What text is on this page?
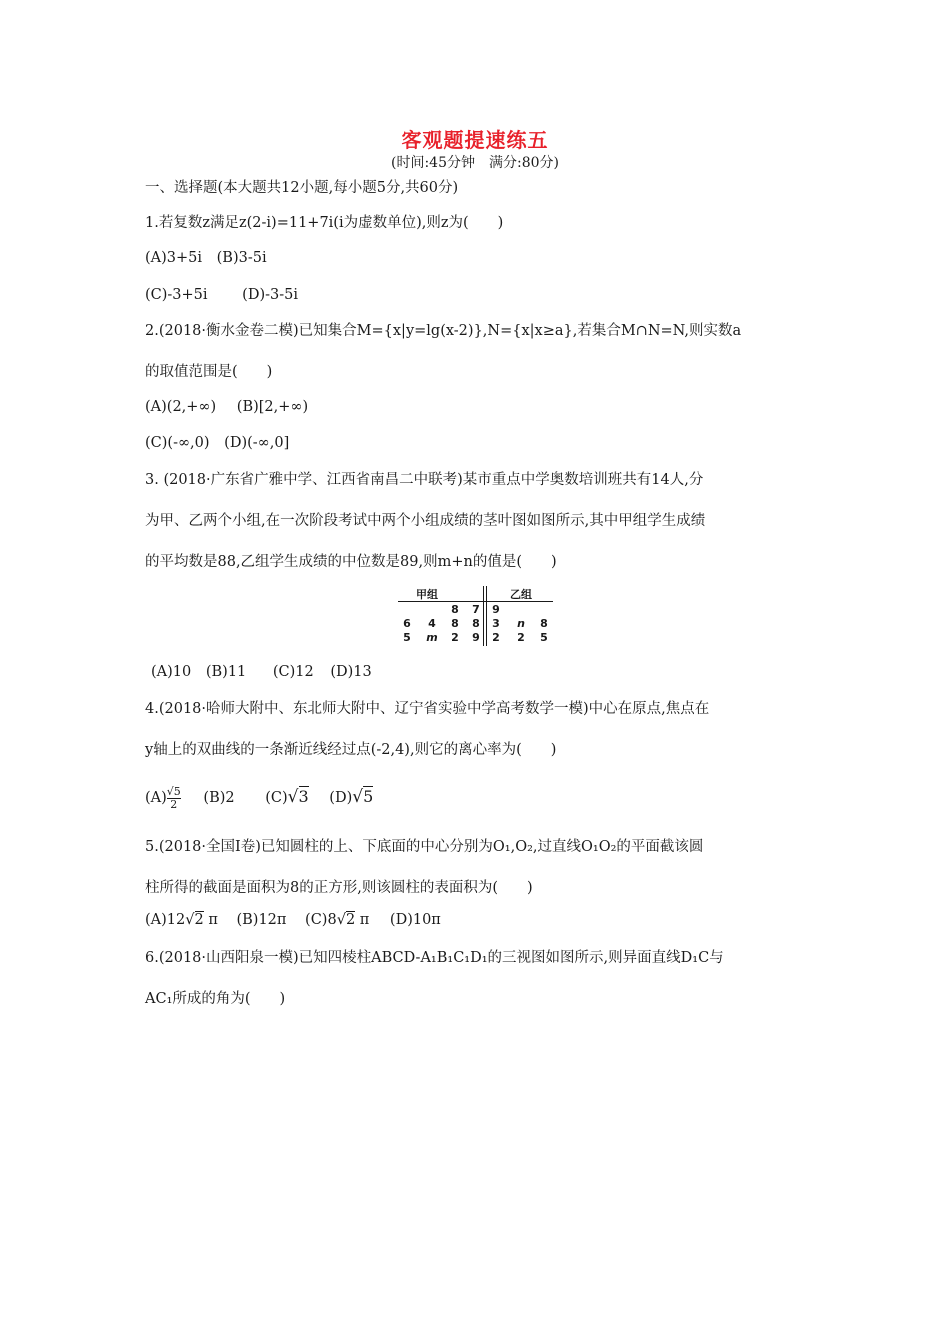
客观题提速练五
(时间:45分钟　满分:80分)
一、选择题(本大题共12小题,每小题5分,共60分)
1.若复数z满足z(2-i)=11+7i(i为虚数单位),则z为(　　)
(A)3+5i (B)3-5i
(C)-3+5i (D)-3-5i
2.(2018·衡水金卷二模)已知集合M={x|y=lg(x-2)},N={x|x≥a},若集合M∩N=N,则实数a
的取值范围是(　　)
(A)(2,+∞) (B)[2,+∞)
(C)(-∞,0) (D)(-∞,0]
3. (2018·广东省广雅中学、江西省南昌二中联考)某市重点中学奥数培训班共有14人,分
为甲、乙两个小组,在一次阶段考试中两个小组成绩的茎叶图如图所示,其中甲组学生成绩
的平均数是88,乙组学生成绩的中位数是89,则m+n的值是(　　)
甲组	乙组
8 7 9
6 4 8 8 3 n 8
5 m 2 9 2 2 5
(A)10 (B)11 (C)12 (D)13
4.(2018·哈师大附中、东北师大附中、辽宁省实验中学高考数学一模)中心在原点,焦点在
y轴上的双曲线的一条渐近线经过点(-2,4),则它的离心率为(　　)
$(A) \frac{√5}{2} (B)2$ (C)√3 (D)√5
5.(2018·全国Ⅰ卷)已知圆柱的上、下底面的中心分别为O₁,O₂,过直线O₁O₂的平面截该圆
柱所得的截面是面积为8的正方形,则该圆柱的表面积为(　　)
(A)12√2 π (B)12π (C)8√2 π (D)10π
6.(2018·山西阳泉一模)已知四棱柱ABCD-A₁B₁C₁D₁的三视图如图所示,则异面直线D₁C与
AC₁所成的角为(　　)
